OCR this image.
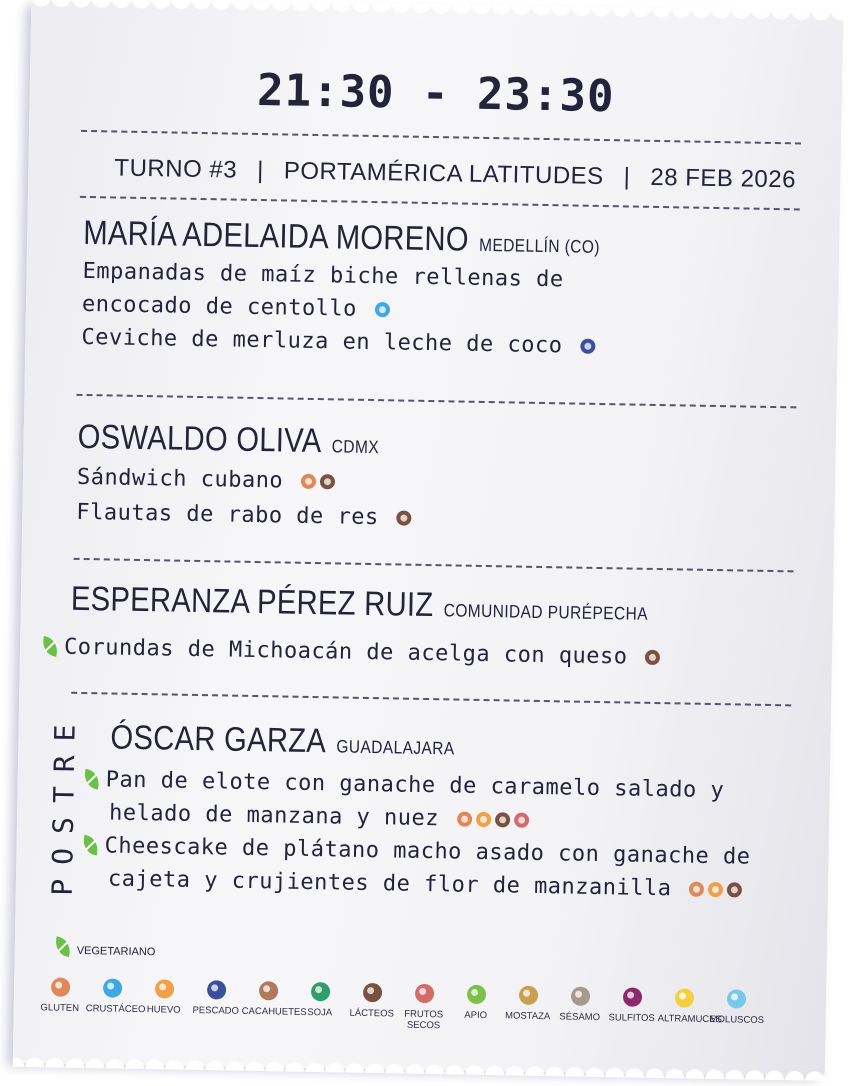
21:30 - 23:30
TURNO #3 | PORTAMÉRICA LATITUDES | 28 FEB 2026
MARÍA ADELAIDA MORENO MEDELLÍN (CO)
Empanadas de maíz biche rellenas de
encocado de centollo
Ceviche de merluza en leche de coco
OSWALDO OLIVA CDMX
Sándwich cubano
Flautas de rabo de res
ESPERANZA PÉREZ RUIZ COMUNIDAD PURÉPECHA
Corundas de Michoacán de acelga con queso
POSTRE ÓSCAR GARZA GUADALAJARA
Pan de elote con ganache de caramelo salado y
helado de manzana y nuez
Cheescake de plátano macho asado con ganache de
cajeta y crujientes de flor de manzanilla
VEGETARIANO
GLUTEN CRUSTÁCEO HUEVO	PESCADO CACAHUETES SOJA	LÁCTEOS	FRUTOS SECOS
APIO	MOSTAZA SÉSAMO SULFITOS ALTRAMUCES
MOLUSCOS
